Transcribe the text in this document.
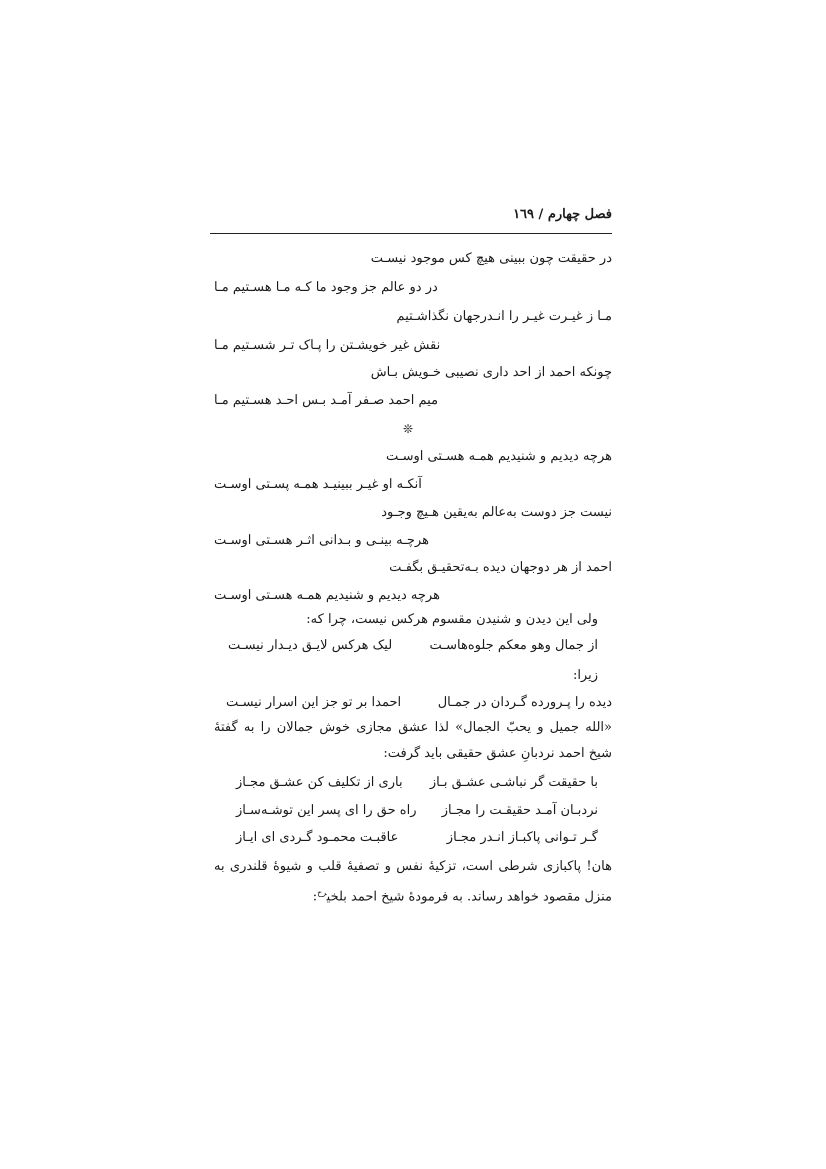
فصل چهارم / ١٦٩
در حقیقت چون ببینی هیچ کس موجود نیسـت
در دو عالم جز وجود ما کـه مـا هسـتیم مـا
مـا ز غیـرت غیـر را انـدرجهان نگذاشـتیم
نقش غیر خویشـتن را پـاک تـر شسـتیم مـا
چونکه احمد از احد داری نصیبی خـویش بـاش
میم احمد صـفر آمـد بـس احـد هسـتیم مـا
❊
هرچه دیدیم و شنیدیم همـه هسـتی اوسـت
آنکـه او غیـر ببینیـد همـه پسـتی اوسـت
نیست جز دوست به‌عالم به‌یقین هـیچ وجـود
هرچـه بینـی و بـدانی اثـر هسـتی اوسـت
احمد از هر دوجهان دیده بـه‌تحقیـق بگفـت
هرچه دیدیم و شنیدیم همـه هسـتی اوسـت
ولی این دیدن و شنیدن مقسوم هرکس نیست، چرا که:
از جمال وهو معکم جلوه‌هاسـت
لیک هرکس لایـق دیـدار نیسـت
زیرا:
دیده را پـرورده گـردان در جمـال
احمدا بر تو جز این اسرار نیسـت
«الله جمیل و یحبّ الجمال» لذا عشق مجازی خوش جمالان را به گفتهٔ
شیخ احمد نردبانِ عشق حقیقی باید گرفت:
با حقیقت گر نباشـی عشـق بـاز
باری از تکلیف کن عشـق مجـاز
نردبـان آمـد حقیقـت را مجـاز
راه حق را ای پسر این توشـه‌سـاز
گـر تـوانی پاکبـاز انـدر مجـاز
عاقبـت محمـود گـردی ای ایـاز
هان! پاکبازی شرطی است، تزکیهٔ نفس و تصفیهٔ قلب و شیوهٔ قلندری به
منزل مقصود خواهد رساند. به فرمودهٔ شیخ احمد بلخی$^{رح}$:
